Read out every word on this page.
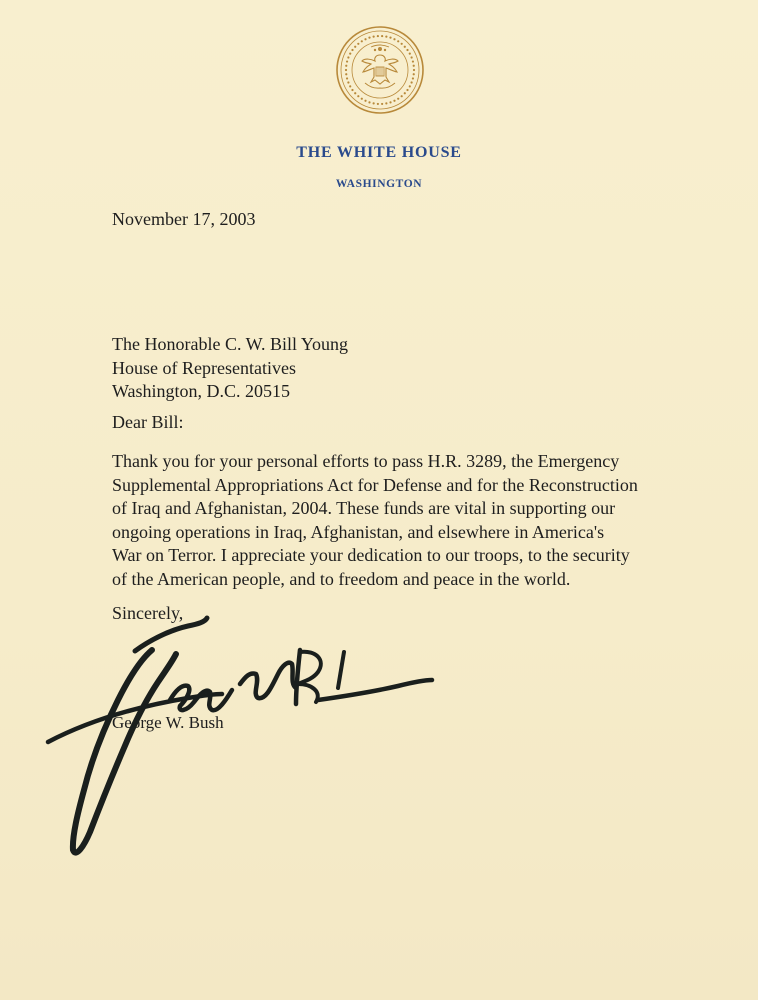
THE WHITE HOUSE
WASHINGTON
November 17, 2003
The Honorable C. W. Bill Young
House of Representatives
Washington, D.C. 20515
Dear Bill:
Thank you for your personal efforts to pass H.R. 3289, the Emergency
Supplemental Appropriations Act for Defense and for the Reconstruction
of Iraq and Afghanistan, 2004. These funds are vital in supporting our
ongoing operations in Iraq, Afghanistan, and elsewhere in America's
War on Terror. I appreciate your dedication to our troops, to the security
of the American people, and to freedom and peace in the world.
Sincerely,
George W. Bush
